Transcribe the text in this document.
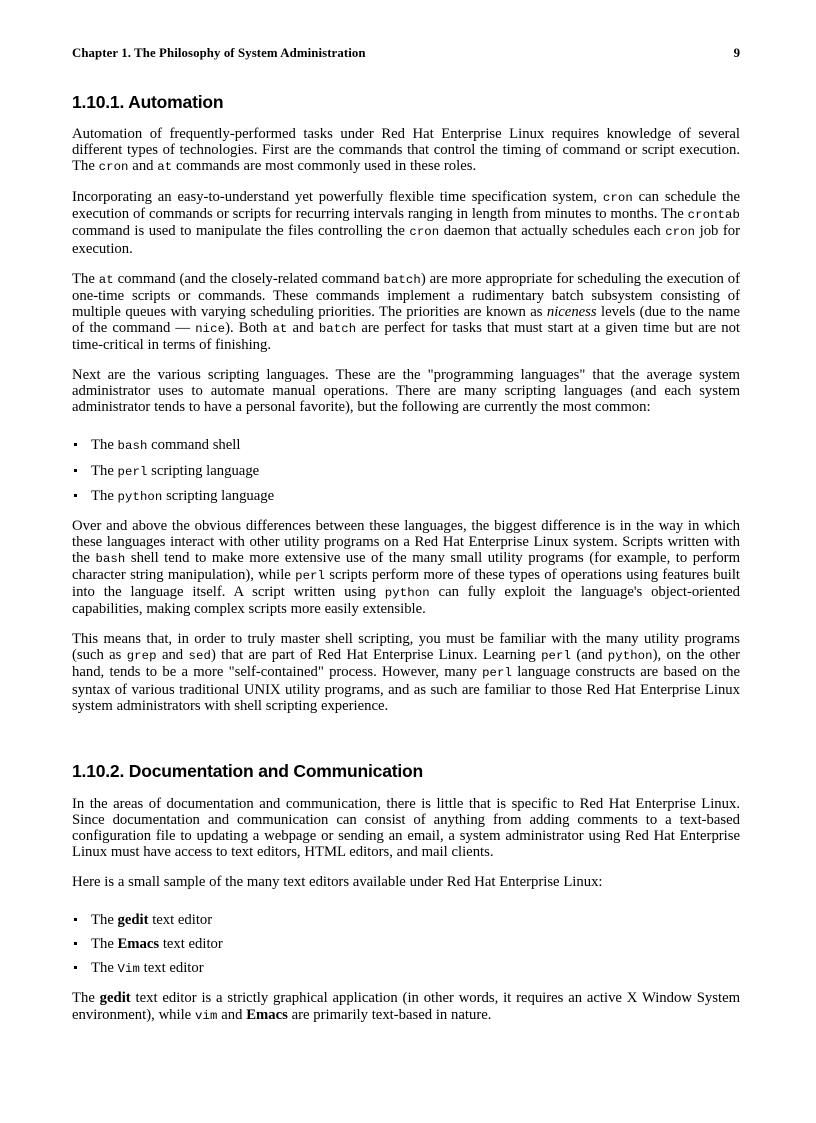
Chapter 1. The Philosophy of System Administration	9
1.10.1. Automation

Automation of frequently-performed tasks under Red Hat Enterprise Linux requires knowledge of several different types of technologies. First are the commands that control the timing of command or script execution. The cron and at commands are most commonly used in these roles.

Incorporating an easy-to-understand yet powerfully flexible time specification system, cron can schedule the execution of commands or scripts for recurring intervals ranging in length from minutes to months. The crontab command is used to manipulate the files controlling the cron daemon that actually schedules each cron job for execution.

The at command (and the closely-related command batch) are more appropriate for scheduling the execution of one-time scripts or commands. These commands implement a rudimentary batch subsystem consisting of multiple queues with varying scheduling priorities. The priorities are known as niceness levels (due to the name of the command — nice). Both at and batch are perfect for tasks that must start at a given time but are not time-critical in terms of finishing.

Next are the various scripting languages. These are the "programming languages" that the average system administrator uses to automate manual operations. There are many scripting languages (and each system administrator tends to have a personal favorite), but the following are currently the most common:

The bash command shell
The perl scripting language
The python scripting language

Over and above the obvious differences between these languages, the biggest difference is in the way in which these languages interact with other utility programs on a Red Hat Enterprise Linux system. Scripts written with the bash shell tend to make more extensive use of the many small utility programs (for example, to perform character string manipulation), while perl scripts perform more of these types of operations using features built into the language itself. A script written using python can fully exploit the language's object-oriented capabilities, making complex scripts more easily extensible.

This means that, in order to truly master shell scripting, you must be familiar with the many utility programs (such as grep and sed) that are part of Red Hat Enterprise Linux. Learning perl (and python), on the other hand, tends to be a more "self-contained" process. However, many perl language constructs are based on the syntax of various traditional UNIX utility programs, and as such are familiar to those Red Hat Enterprise Linux system administrators with shell scripting experience.

1.10.2. Documentation and Communication

In the areas of documentation and communication, there is little that is specific to Red Hat Enterprise Linux. Since documentation and communication can consist of anything from adding comments to a text-based configuration file to updating a webpage or sending an email, a system administrator using Red Hat Enterprise Linux must have access to text editors, HTML editors, and mail clients.

Here is a small sample of the many text editors available under Red Hat Enterprise Linux:

The gedit text editor
The Emacs text editor
The Vim text editor

The gedit text editor is a strictly graphical application (in other words, it requires an active X Window System environment), while vim and Emacs are primarily text-based in nature.
